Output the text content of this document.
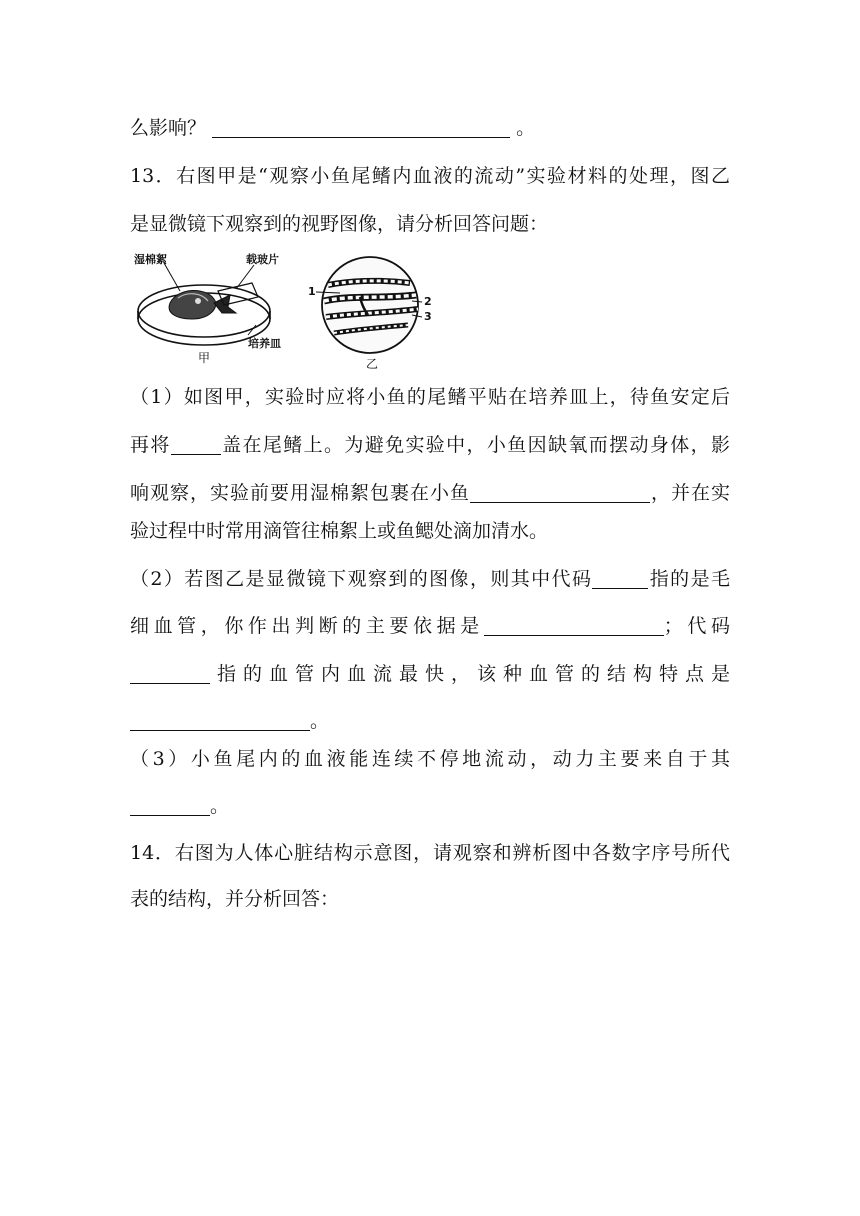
么影响？	。
13．右图甲是“观察小鱼尾鳍内血液的流动”实验材料的处理，图乙
是显微镜下观察到的视野图像，请分析回答问题：
湿棉絮	载玻片
培养皿
甲
1
2
3
乙
（1）如图甲，实验时应将小鱼的尾鳍平贴在培养皿上，待鱼安定后
再将	盖在尾鳍上。为避免实验中，小鱼因缺氧而摆动身体，影
响观察，实验前要用湿棉絮包裹在小鱼	，并在实
验过程中时常用滴管往棉絮上或鱼鳃处滴加清水。
（2）若图乙是显微镜下观察到的图像，则其中代码	指的是毛
细血管，你作出判断的主要依据是	；代码
指的血管内血流最快，该种血管的结构特点是
。
（3）小鱼尾内的血液能连续不停地流动，动力主要来自于其
。
14．右图为人体心脏结构示意图，请观察和辨析图中各数字序号所代
表的结构，并分析回答：
